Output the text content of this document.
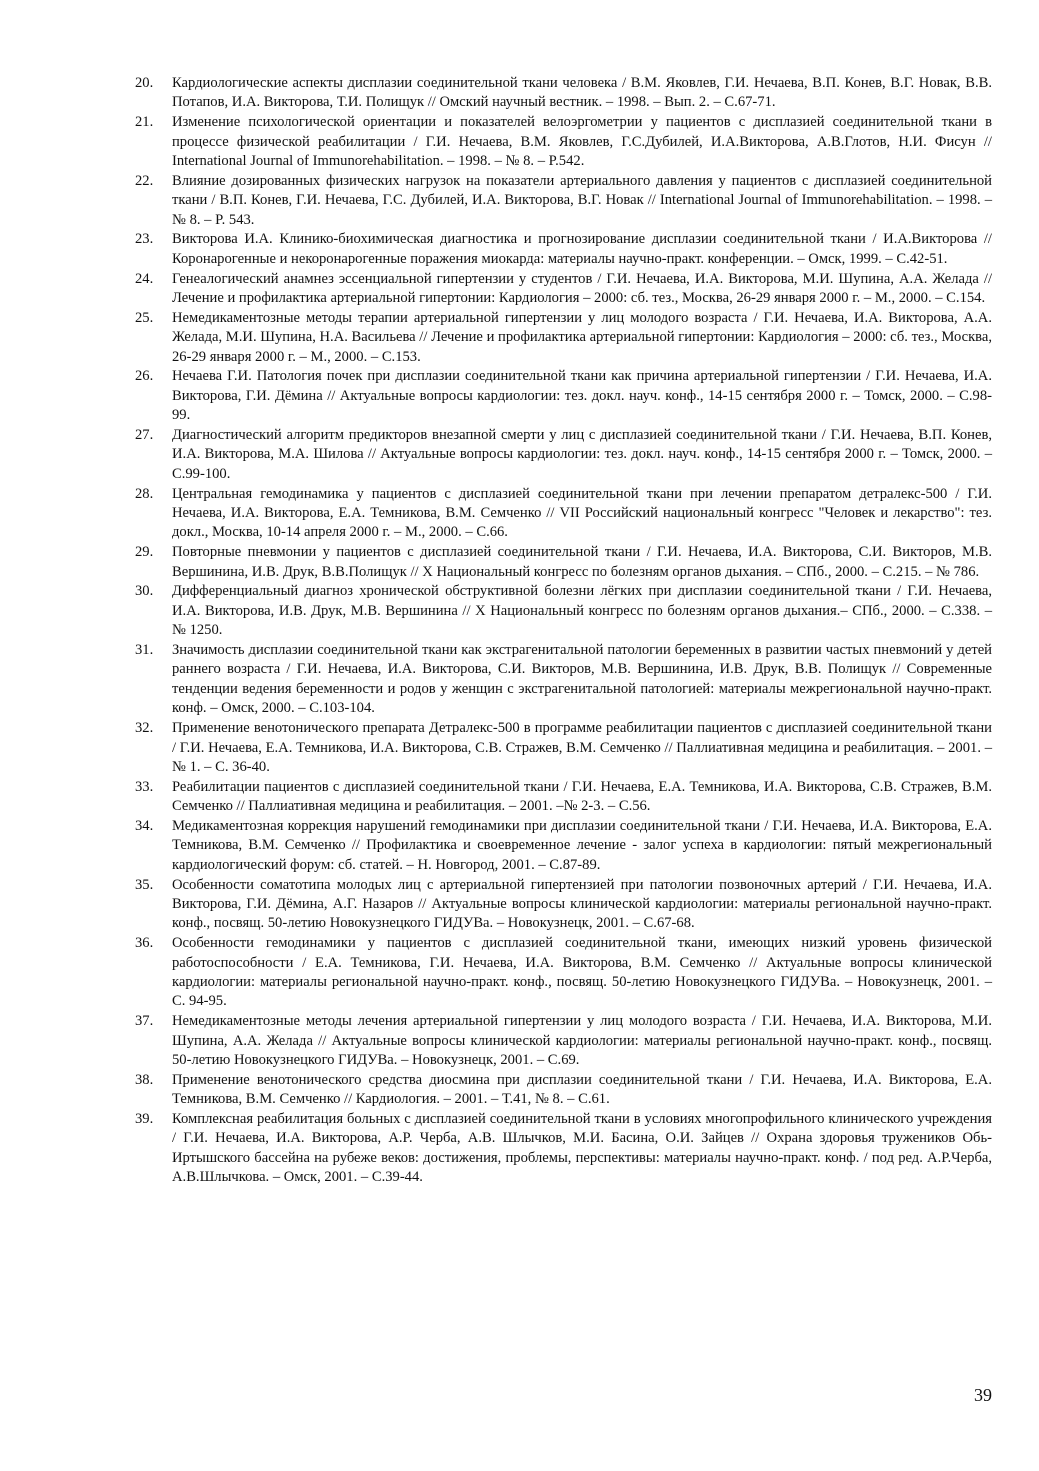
20.	Кардиологические аспекты дисплазии соединительной ткани человека / В.М. Яковлев, Г.И. Нечаева, В.П. Конев, В.Г. Новак, В.В. Потапов, И.А. Викторова, Т.И. Полищук // Омский научный вестник. – 1998. – Вып. 2. – С.67-71.
21.	Изменение психологической ориентации и показателей велоэргометрии у пациентов с дисплазией соединительной ткани в процессе физической реабилитации / Г.И. Нечаева, В.М. Яковлев, Г.С.Дубилей, И.А.Викторова, А.В.Глотов, Н.И. Фисун // International Journal of Immunorehabilitation. – 1998. – № 8. – P.542.
22.	Влияние дозированных физических нагрузок на показатели артериального давления у пациентов с дисплазией соединительной ткани / В.П. Конев, Г.И. Нечаева, Г.С. Дубилей, И.А. Викторова, В.Г. Новак // International Journal of Immunorehabilitation. – 1998. – № 8. – P. 543.
23.	Викторова И.А. Клинико-биохимическая диагностика и прогнозирование дисплазии соединительной ткани / И.А.Викторова // Коронарогенные и некоронарогенные поражения миокарда: материалы научно-практ. конференции. – Омск, 1999. – С.42-51.
24.	Генеалогический анамнез эссенциальной гипертензии у студентов / Г.И. Нечаева, И.А. Викторова, М.И. Шупина, А.А. Желада // Лечение и профилактика артериальной гипертонии: Кардиология – 2000: сб. тез., Москва, 26-29 января 2000 г. – М., 2000. – С.154.
25.	Немедикаментозные методы терапии артериальной гипертензии у лиц молодого возраста / Г.И. Нечаева, И.А. Викторова, А.А. Желада, М.И. Шупина, Н.А. Васильева // Лечение и профилактика артериальной гипертонии: Кардиология – 2000: сб. тез., Москва, 26-29 января 2000 г. – М., 2000. – С.153.
26.	Нечаева Г.И. Патология почек при дисплазии соединительной ткани как причина артериальной гипертензии / Г.И. Нечаева, И.А. Викторова, Г.И. Дёмина // Актуальные вопросы кардиологии: тез. докл. науч. конф., 14-15 сентября 2000 г. – Томск, 2000. – С.98-99.
27.	Диагностический алгоритм предикторов внезапной смерти у лиц с дисплазией соединительной ткани / Г.И. Нечаева, В.П. Конев, И.А. Викторова, М.А. Шилова // Актуальные вопросы кардиологии: тез. докл. науч. конф., 14-15 сентября 2000 г. – Томск, 2000. – С.99-100.
28.	Центральная гемодинамика у пациентов с дисплазией соединительной ткани при лечении препаратом детралекс-500 / Г.И. Нечаева, И.А. Викторова, Е.А. Темникова, В.М. Семченко // VII Российский национальный конгресс "Человек и лекарство": тез. докл., Москва, 10-14 апреля 2000 г. – М., 2000. – С.66.
29.	Повторные пневмонии у пациентов с дисплазией соединительной ткани / Г.И. Нечаева, И.А. Викторова, С.И. Викторов, М.В. Вершинина, И.В. Друк, В.В.Полищук // X Национальный конгресс по болезням органов дыхания. – СПб., 2000. – С.215. – № 786.
30.	Дифференциальный диагноз хронической обструктивной болезни лёгких при дисплазии соединительной ткани / Г.И. Нечаева, И.А. Викторова, И.В. Друк, М.В. Вершинина // X Национальный конгресс по болезням органов дыхания.– СПб., 2000. – С.338. – № 1250.
31.	Значимость дисплазии соединительной ткани как экстрагенитальной патологии беременных в развитии частых пневмоний у детей раннего возраста / Г.И. Нечаева, И.А. Викторова, С.И. Викторов, М.В. Вершинина, И.В. Друк, В.В. Полищук // Современные тенденции ведения беременности и родов у женщин с экстрагенитальной патологией: материалы межрегиональной научно-практ. конф. – Омск, 2000. – С.103-104.
32.	Применение венотонического препарата Детралекс-500 в программе реабилитации пациентов с дисплазией соединительной ткани / Г.И. Нечаева, Е.А. Темникова, И.А. Викторова, С.В. Стражев, В.М. Семченко // Паллиативная медицина и реабилитация. – 2001. – № 1. – С. 36-40.
33.	Реабилитации пациентов с дисплазией соединительной ткани / Г.И. Нечаева, Е.А. Темникова, И.А. Викторова, С.В. Стражев, В.М. Семченко // Паллиативная медицина и реабилитация. – 2001. –№ 2-3. – С.56.
34.	Медикаментозная коррекция нарушений гемодинамики при дисплазии соединительной ткани / Г.И. Нечаева, И.А. Викторова, Е.А. Темникова, В.М. Семченко // Профилактика и своевременное лечение - залог успеха в кардиологии: пятый межрегиональный кардиологический форум: сб. статей. – Н. Новгород, 2001. – С.87-89.
35.	Особенности соматотипа молодых лиц с артериальной гипертензией при патологии позвоночных артерий / Г.И. Нечаева, И.А. Викторова, Г.И. Дёмина, А.Г. Назаров // Актуальные вопросы клинической кардиологии: материалы региональной научно-практ. конф., посвящ. 50-летию Новокузнецкого ГИДУВа. – Новокузнецк, 2001. – С.67-68.
36.	Особенности гемодинамики у пациентов с дисплазией соединительной ткани, имеющих низкий уровень физической работоспособности / Е.А. Темникова, Г.И. Нечаева, И.А. Викторова, В.М. Семченко // Актуальные вопросы клинической кардиологии: материалы региональной научно-практ. конф., посвящ. 50-летию Новокузнецкого ГИДУВа. – Новокузнецк, 2001. – С. 94-95.
37.	Немедикаментозные методы лечения артериальной гипертензии у лиц молодого возраста / Г.И. Нечаева, И.А. Викторова, М.И. Шупина, А.А. Желада // Актуальные вопросы клинической кардиологии: материалы региональной научно-практ. конф., посвящ. 50-летию Новокузнецкого ГИДУВа. – Новокузнецк, 2001. – С.69.
38.	Применение венотонического средства диосмина при дисплазии соединительной ткани / Г.И. Нечаева, И.А. Викторова, Е.А. Темникова, В.М. Семченко // Кардиология. – 2001. – Т.41, № 8. – С.61.
39.	Комплексная реабилитация больных с дисплазией соединительной ткани в условиях многопрофильного клинического учреждения / Г.И. Нечаева, И.А. Викторова, А.Р. Черба, А.В. Шлычков, М.И. Басина, О.И. Зайцев // Охрана здоровья тружеников Обь-Иртышского бассейна на рубеже веков: достижения, проблемы, перспективы: материалы научно-практ. конф. / под ред. А.Р.Черба, А.В.Шлычкова. – Омск, 2001. – С.39-44.
39
